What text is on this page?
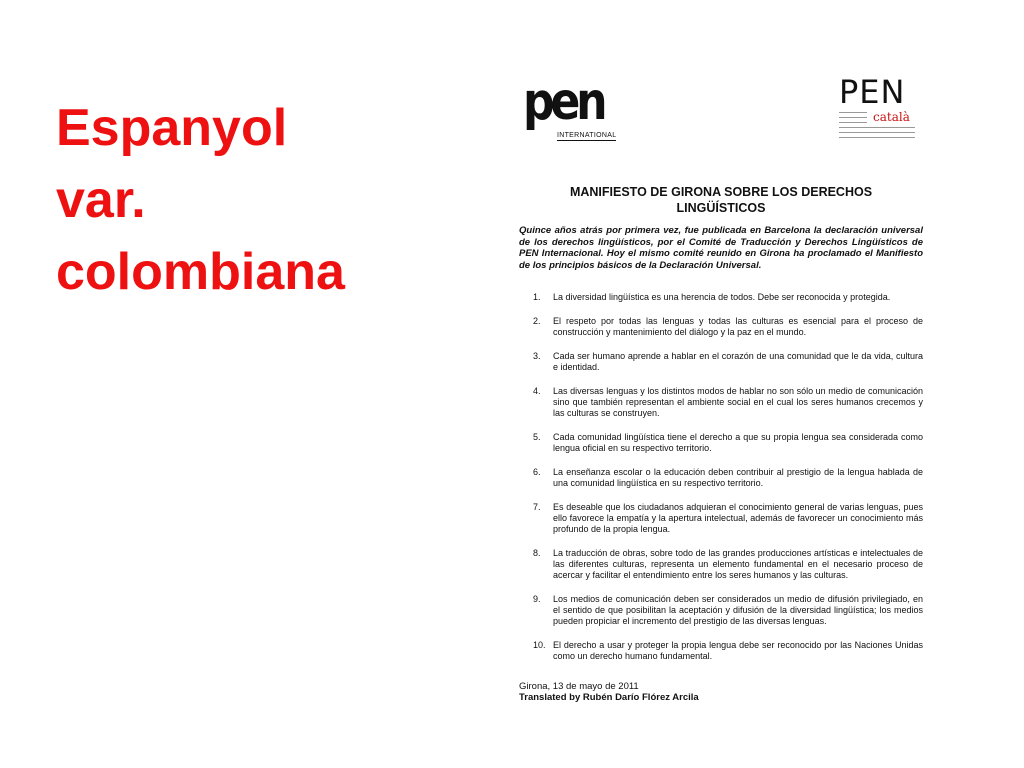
Espanyol
var.
colombiana
pen
INTERNATIONAL
PEN
català
MANIFIESTO DE GIRONA SOBRE LOS DERECHOS
LINGÜÍSTICOS
Quince años atrás por primera vez, fue publicada en Barcelona la declaración universal de los derechos lingüísticos, por el Comité de Traducción y Derechos Lingüísticos de PEN Internacional. Hoy el mismo comité reunido en Girona ha proclamado el Manifiesto de los principios básicos de la Declaración Universal.
1. La diversidad lingüística es una herencia de todos. Debe ser reconocida y protegida.
2. El respeto por todas las lenguas y todas las culturas es esencial para el proceso de construcción y mantenimiento del diálogo y la paz en el mundo.
3. Cada ser humano aprende a hablar en el corazón de una comunidad que le da vida, cultura e identidad.
4. Las diversas lenguas y los distintos modos de hablar no son sólo un medio de comunicación sino que también representan el ambiente social en el cual los seres humanos crecemos y las culturas se construyen.
5. Cada comunidad lingüística tiene el derecho a que su propia lengua sea considerada como lengua oficial en su respectivo territorio.
6. La enseñanza escolar o la educación deben contribuir al prestigio de la lengua hablada de una comunidad lingüística en su respectivo territorio.
7. Es deseable que los ciudadanos adquieran el conocimiento general de varias lenguas, pues ello favorece la empatía y la apertura intelectual, además de favorecer un conocimiento más profundo de la propia lengua.
8. La traducción de obras, sobre todo de las grandes producciones artísticas e intelectuales de las diferentes culturas, representa un elemento fundamental en el necesario proceso de acercar y facilitar el entendimiento entre los seres humanos y las culturas.
9. Los medios de comunicación deben ser considerados un medio de difusión privilegiado, en el sentido de que posibilitan la aceptación y difusión de la diversidad lingüística; los medios pueden propiciar el incremento del prestigio de las diversas lenguas.
10. El derecho a usar y proteger la propia lengua debe ser reconocido por las Naciones Unidas como un derecho humano fundamental.
Girona, 13 de mayo de 2011
Translated by Rubén Darío Flórez Arcila
